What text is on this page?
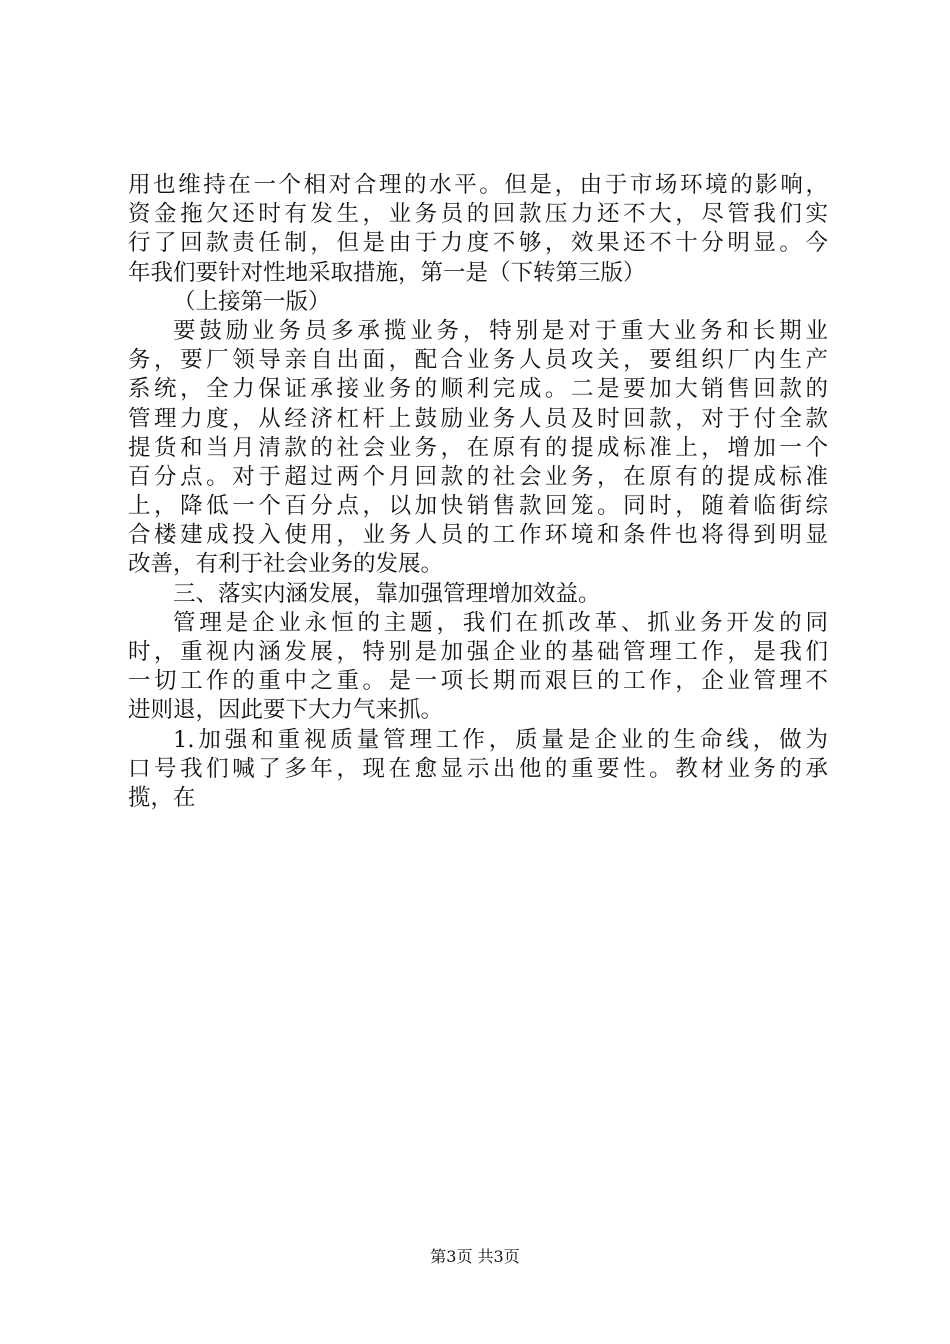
用也维持在一个相对合理的水平。但是，由于市场环境的影响，
资金拖欠还时有发生，业务员的回款压力还不大，尽管我们实
行了回款责任制，但是由于力度不够，效果还不十分明显。今
年我们要针对性地采取措施，第一是（下转第三版）
（上接第一版）
要鼓励业务员多承揽业务，特别是对于重大业务和长期业
务，要厂领导亲自出面，配合业务人员攻关，要组织厂内生产
系统，全力保证承接业务的顺利完成。二是要加大销售回款的
管理力度，从经济杠杆上鼓励业务人员及时回款，对于付全款
提货和当月清款的社会业务，在原有的提成标准上，增加一个
百分点。对于超过两个月回款的社会业务，在原有的提成标准
上，降低一个百分点，以加快销售款回笼。同时，随着临街综
合楼建成投入使用，业务人员的工作环境和条件也将得到明显
改善，有利于社会业务的发展。
三、落实内涵发展，靠加强管理增加效益。
管理是企业永恒的主题，我们在抓改革、抓业务开发的同
时，重视内涵发展，特别是加强企业的基础管理工作，是我们
一切工作的重中之重。是一项长期而艰巨的工作，企业管理不
进则退，因此要下大力气来抓。
1.加强和重视质量管理工作，质量是企业的生命线，做为
口号我们喊了多年，现在愈显示出他的重要性。教材业务的承
揽，在
第3页 共3页
